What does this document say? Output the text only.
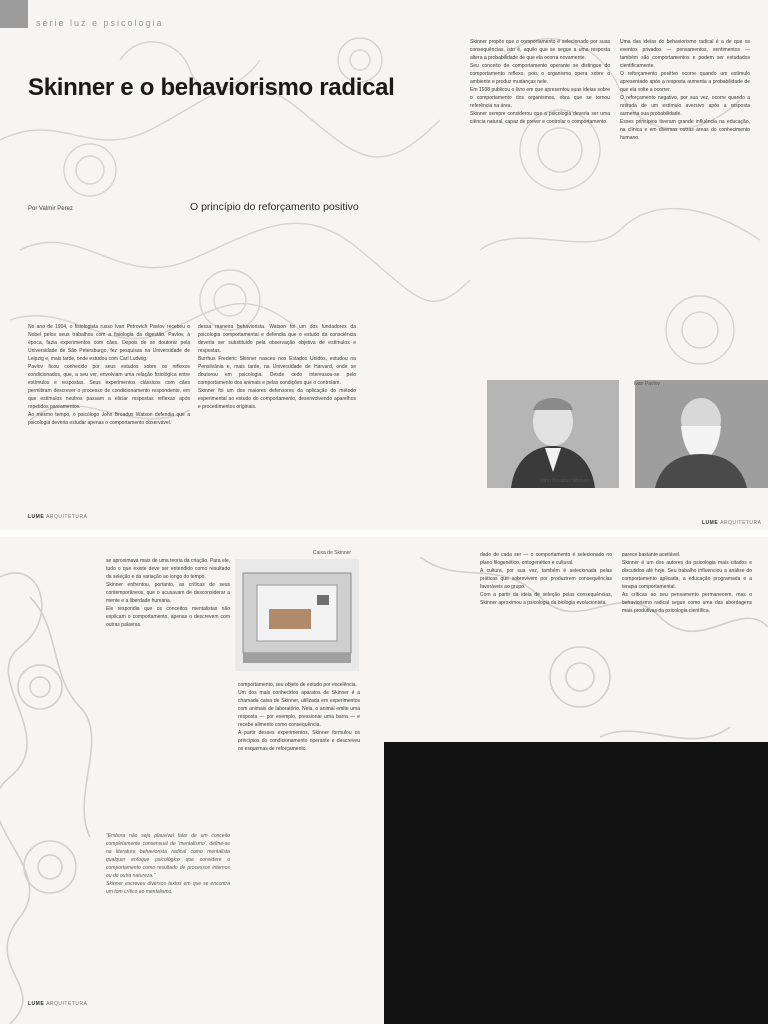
série luz e psicologia
Skinner e o behaviorismo radical
Por Valmir Perez	O princípio do reforçamento positivo

No ano de 1904, o fisiologista russo Ivan Petrovich Pavlov recebeu o Nobel pelos seus trabalhos com a fisiologia da digestão. Pavlov, à época, fazia experimentos com cães. Depois de se doutorar pela Universidade de São Petersburgo, fez pesquisas na Universidade de Leipzig e, mais tarde, onde estudou com Carl Ludwig.
Pavlov ficou conhecido por seus estudos sobre os reflexos condicionados, que, a seu ver, envolviam uma relação fisiológica entre estímulos e respostas. Seus experimentos clássicos com cães permitiram descrever o processo de condicionamento respondente, em que estímulos neutros passam a eliciar respostas reflexas após repetidos pareamentos.
Ao mesmo tempo, o psicólogo John Broadus Watson defendia que a psicologia deveria estudar apenas o comportamento observável.

dessa maneira behaviorista. Watson foi um dos fundadores da psicologia comportamental e defendia que o estudo da consciência deveria ser substituído pela observação objetiva de estímulos e respostas.
Burrhus Frederic Skinner nasceu nos Estados Unidos, estudou na Pensilvânia e, mais tarde, na Universidade de Harvard, onde se doutorou em psicologia. Desde cedo interessou-se pelo comportamento dos animais e pelas condições que o controlam.
Skinner foi um dos maiores defensores da aplicação do método experimental ao estudo do comportamento, desenvolvendo aparelhos e procedimentos originais.

Skinner propôs que o comportamento é selecionado por suas consequências, isto é, aquilo que se segue a uma resposta altera a probabilidade de que ela ocorra novamente.
Seu conceito de comportamento operante se distingue do comportamento reflexo, pois o organismo opera sobre o ambiente e produz mudanças nele.
Em 1938 publicou o livro em que apresentou suas ideias sobre o comportamento dos organismos, obra que se tornou referência na área.
Skinner sempre considerou que a psicologia deveria ser uma ciência natural, capaz de prever e controlar o comportamento.

Uma das ideias do behaviorismo radical é a de que os eventos privados — pensamentos, sentimentos — também são comportamentos e podem ser estudados cientificamente.
O reforçamento positivo ocorre quando um estímulo apresentado após a resposta aumenta a probabilidade de que ela volte a ocorrer.
O reforçamento negativo, por sua vez, ocorre quando a retirada de um estímulo aversivo após a resposta aumenta sua probabilidade.
Esses princípios tiveram grande influência na educação, na clínica e em diversas outras áreas do conhecimento humano.

John Broadus Watson
Ivan Pavlov
LUME ARQUITETURA
LUME ARQUITETURA
Caixa de Skinner

se aproximava mais de uma teoria da criação. Para ele, tudo o que existe deve ser entendido como resultado da seleção e da variação ao longo do tempo.
Skinner enfrentou, portanto, as críticas de seus contemporâneos, que o acusavam de desconsiderar a mente e a liberdade humana.
Ele respondia que os conceitos mentalistas não explicam o comportamento, apenas o descrevem com outras palavras.

"Embora não seja plausível falar de um conceito completamente consensual de 'mentalismo', define-se na literatura behaviorista radical como mentalista qualquer enfoque psicológico que considere o comportamento como resultado de processos internos ou de outra natureza."
Skinner escreveu diversos textos em que se encontra um tom crítico ao mentalismo.

comportamento, seu objeto de estudo por excelência.
Um dos mais conhecidos aparatos de Skinner é a chamada caixa de Skinner, utilizada em experimentos com animais de laboratório. Nela, o animal emite uma resposta — por exemplo, pressionar uma barra — e recebe alimento como consequência.
A partir desses experimentos, Skinner formulou os princípios do condicionamento operante e descreveu os esquemas de reforçamento.

dade de cada ser — o comportamento é selecionado no plano filogenético, ontogenético e cultural.
A cultura, por sua vez, também é selecionada pelas práticas que sobrevivem por produzirem consequências favoráveis ao grupo.
Com a partir da ideia de seleção pelas consequências, Skinner aproximou a psicologia da biologia evolucionista.

parece bastante aceitável.
Skinner é um dos autores da psicologia mais citados e discutidos até hoje. Seu trabalho influenciou a análise do comportamento aplicada, a educação programada e a terapia comportamental.
As críticas ao seu pensamento permanecem, mas o behaviorismo radical segue como uma das abordagens mais produtivas da psicologia científica.

LUME ARQUITETURA
